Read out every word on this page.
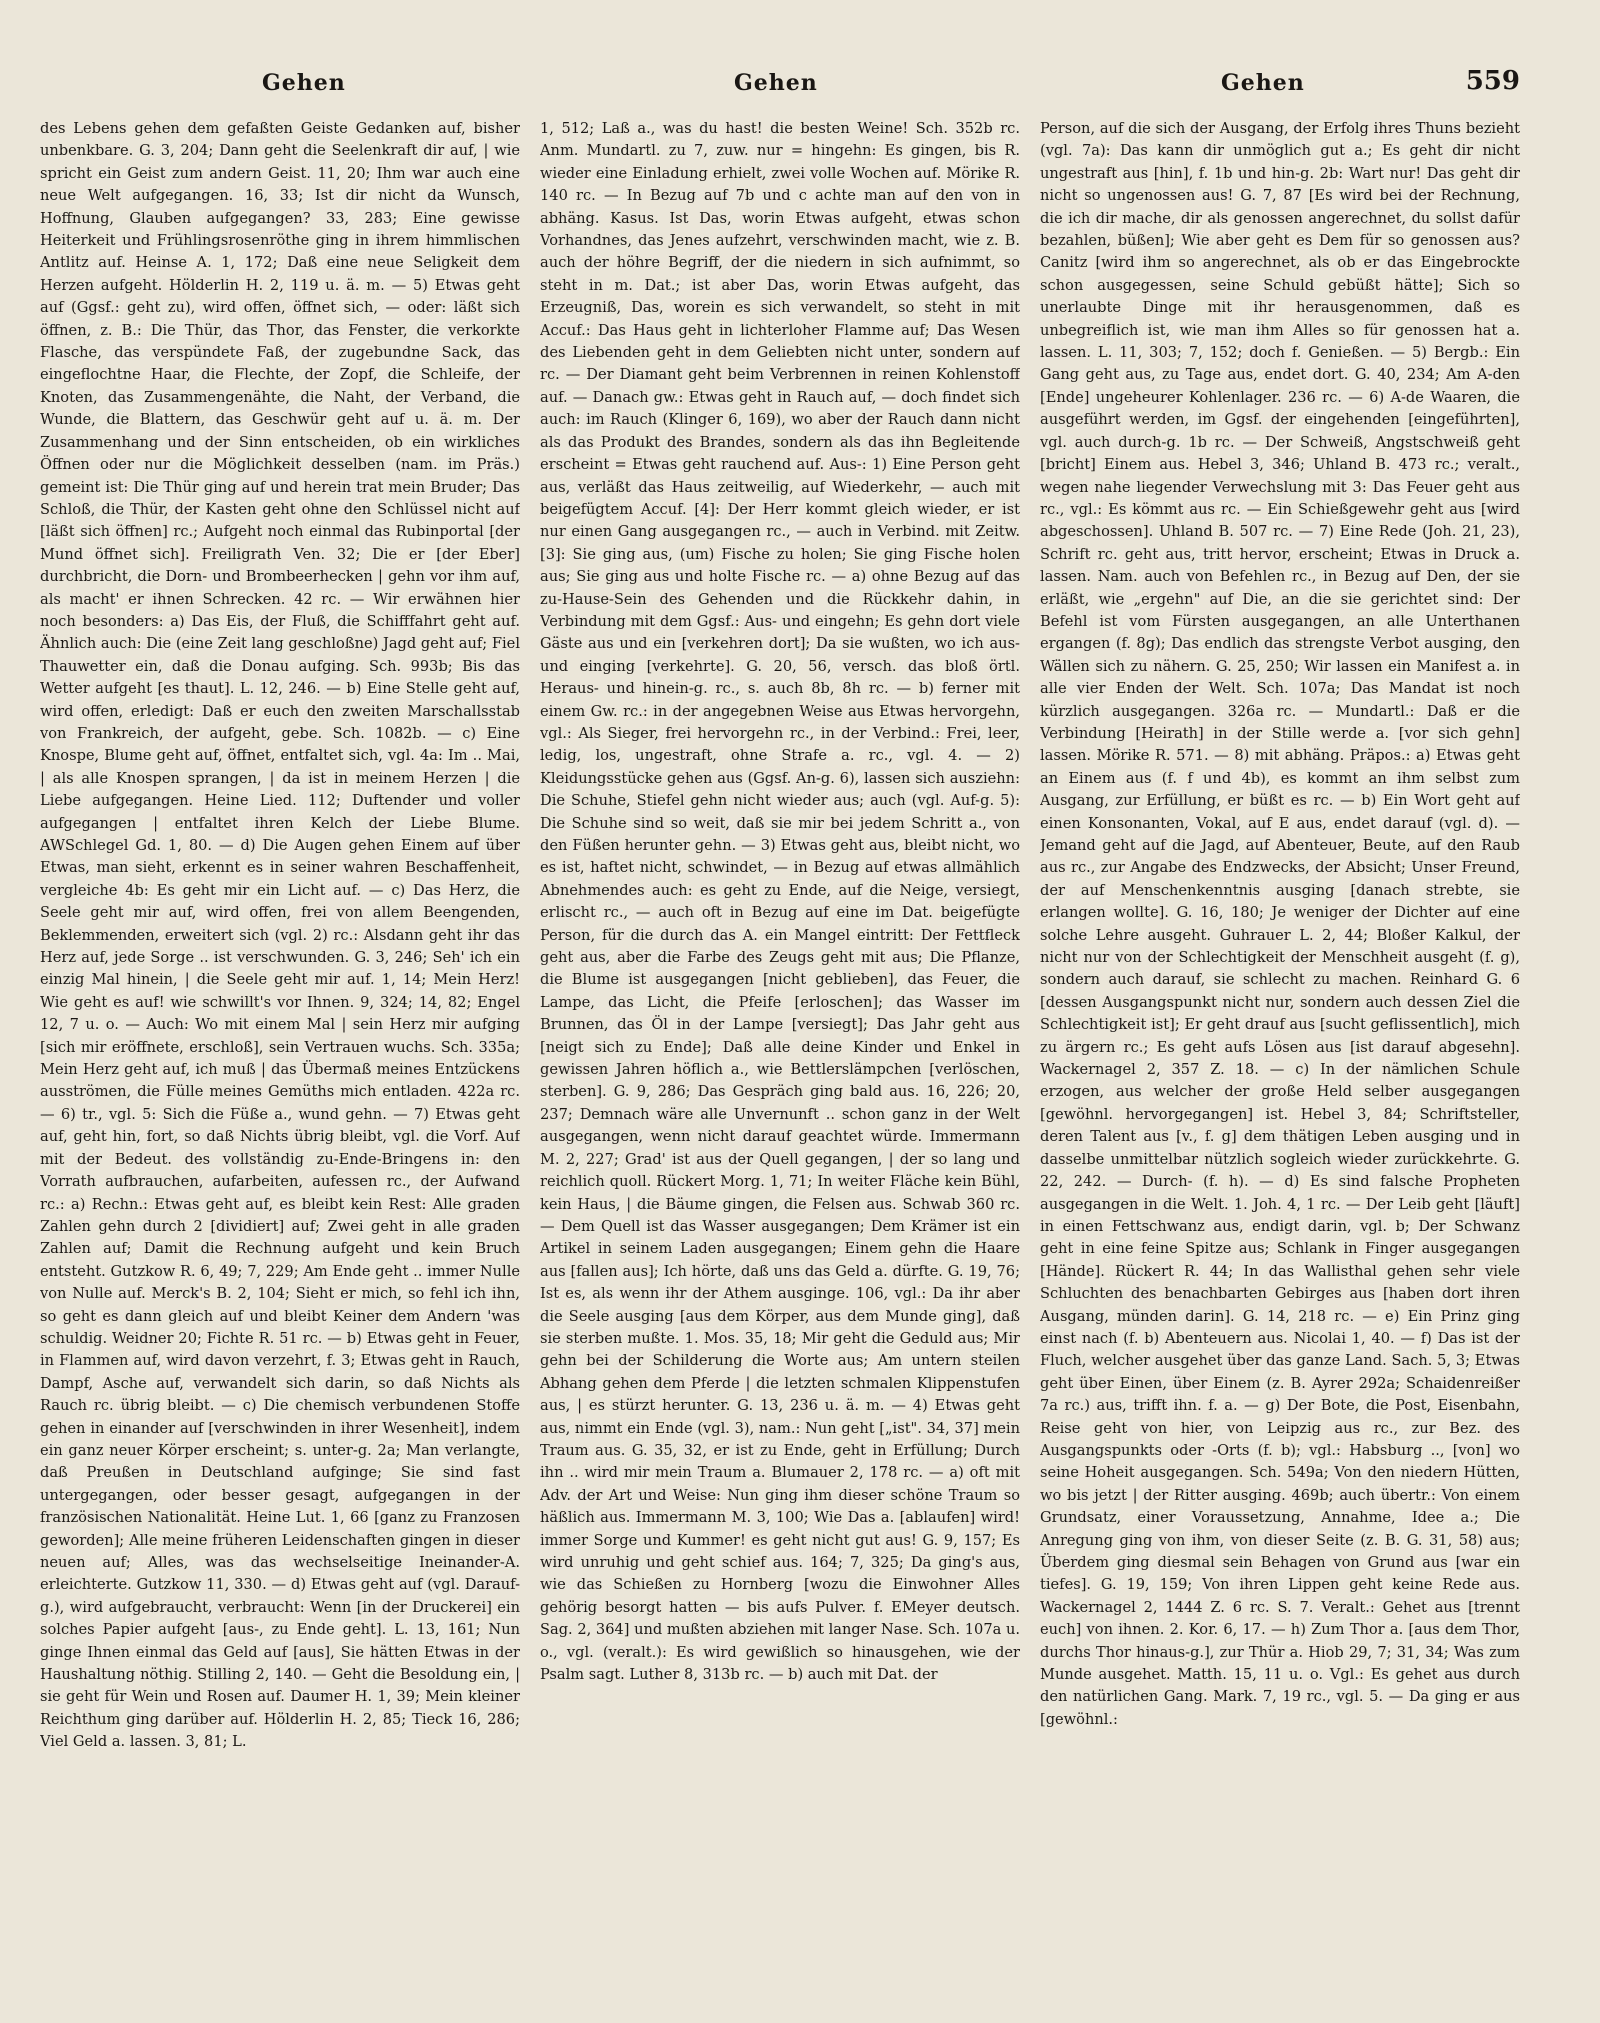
Gehen	Gehen	Gehen	559

des Lebens gehen dem gefaßten Geiste Gedanken auf, bisher unbenkbare. G. 3, 204; Dann geht die Seelenkraft dir auf, | wie spricht ein Geist zum andern Geist. 11, 20; Ihm war auch eine neue Welt aufgegangen. 16, 33; Ist dir nicht da Wunsch, Hoffnung, Glauben aufgegangen? 33, 283; Eine gewisse Heiterkeit und Frühlingsrosenröthe ging in ihrem himmlischen Antlitz auf. Heinse A. 1, 172; Daß eine neue Seligkeit dem Herzen aufgeht. Hölderlin H. 2, 119 u. ä. m. — 5) Etwas geht auf (Ggsf.: geht zu), wird offen, öffnet sich, — oder: läßt sich öffnen, z. B.: Die Thür, das Thor, das Fenster, die verkorkte Flasche, das verspündete Faß, der zugebundne Sack, das eingeflochtne Haar, die Flechte, der Zopf, die Schleife, der Knoten, das Zusammengenähte, die Naht, der Verband, die Wunde, die Blattern, das Geschwür geht auf u. ä. m. Der Zusammenhang und der Sinn entscheiden, ob ein wirkliches Öffnen oder nur die Möglichkeit desselben (nam. im Präs.) gemeint ist: Die Thür ging auf und herein trat mein Bruder; Das Schloß, die Thür, der Kasten geht ohne den Schlüssel nicht auf [läßt sich öffnen] rc.; Aufgeht noch einmal das Rubinportal [der Mund öffnet sich]. Freiligrath Ven. 32; Die er [der Eber] durchbricht, die Dorn- und Brombeerhecken | gehn vor ihm auf, als macht' er ihnen Schrecken. 42 rc. — Wir erwähnen hier noch besonders: a) Das Eis, der Fluß, die Schifffahrt geht auf. Ähnlich auch: Die (eine Zeit lang geschloßne) Jagd geht auf; Fiel Thauwetter ein, daß die Donau aufging. Sch. 993b; Bis das Wetter aufgeht [es thaut]. L. 12, 246. — b) Eine Stelle geht auf, wird offen, erledigt: Daß er euch den zweiten Marschallsstab von Frankreich, der aufgeht, gebe. Sch. 1082b. — c) Eine Knospe, Blume geht auf, öffnet, entfaltet sich, vgl. 4a: Im .. Mai, | als alle Knospen sprangen, | da ist in meinem Herzen | die Liebe aufgegangen. Heine Lied. 112; Duftender und voller aufgegangen | entfaltet ihren Kelch der Liebe Blume. AWSchlegel Gd. 1, 80. — d) Die Augen gehen Einem auf über Etwas, man sieht, erkennt es in seiner wahren Beschaffenheit, vergleiche 4b: Es geht mir ein Licht auf. — c) Das Herz, die Seele geht mir auf, wird offen, frei von allem Beengenden, Beklemmenden, erweitert sich (vgl. 2) rc.: Alsdann geht ihr das Herz auf, jede Sorge .. ist verschwunden. G. 3, 246; Seh' ich ein einzig Mal hinein, | die Seele geht mir auf. 1, 14; Mein Herz! Wie geht es auf! wie schwillt's vor Ihnen. 9, 324; 14, 82; Engel 12, 7 u. o. — Auch: Wo mit einem Mal | sein Herz mir aufging [sich mir eröffnete, erschloß], sein Vertrauen wuchs. Sch. 335a; Mein Herz geht auf, ich muß | das Übermaß meines Entzückens ausströmen, die Fülle meines Gemüths mich entladen. 422a rc. — 6) tr., vgl. 5: Sich die Füße a., wund gehn. — 7) Etwas geht auf, geht hin, fort, so daß Nichts übrig bleibt, vgl. die Vorf. Auf mit der Bedeut. des vollständig zu-Ende-Bringens in: den Vorrath aufbrauchen, aufarbeiten, aufessen rc., der Aufwand rc.: a) Rechn.: Etwas geht auf, es bleibt kein Rest: Alle graden Zahlen gehn durch 2 [dividiert] auf; Zwei geht in alle graden Zahlen auf; Damit die Rechnung aufgeht und kein Bruch entsteht. Gutzkow R. 6, 49; 7, 229; Am Ende geht .. immer Nulle von Nulle auf. Merck's B. 2, 104; Sieht er mich, so fehl ich ihn, so geht es dann gleich auf und bleibt Keiner dem Andern 'was schuldig. Weidner 20; Fichte R. 51 rc. — b) Etwas geht in Feuer, in Flammen auf, wird davon verzehrt, f. 3; Etwas geht in Rauch, Dampf, Asche auf, verwandelt sich darin, so daß Nichts als Rauch rc. übrig bleibt. — c) Die chemisch verbundenen Stoffe gehen in einander auf [verschwinden in ihrer Wesenheit], indem ein ganz neuer Körper erscheint; s. unter-g. 2a; Man verlangte, daß Preußen in Deutschland aufginge; Sie sind fast untergegangen, oder besser gesagt, aufgegangen in der französischen Nationalität. Heine Lut. 1, 66 [ganz zu Franzosen geworden]; Alle meine früheren Leidenschaften gingen in dieser neuen auf; Alles, was das wechselseitige Ineinander-A. erleichterte. Gutzkow 11, 330. — d) Etwas geht auf (vgl. Darauf-g.), wird aufgebraucht, verbraucht: Wenn [in der Druckerei] ein solches Papier aufgeht [aus-, zu Ende geht]. L. 13, 161; Nun ginge Ihnen einmal das Geld auf [aus], Sie hätten Etwas in der Haushaltung nöthig. Stilling 2, 140. — Geht die Besoldung ein, | sie geht für Wein und Rosen auf. Daumer H. 1, 39; Mein kleiner Reichthum ging darüber auf. Hölderlin H. 2, 85; Tieck 16, 286; Viel Geld a. lassen. 3, 81; L.

1, 512; Laß a., was du hast! die besten Weine! Sch. 352b rc. Anm. Mundartl. zu 7, zuw. nur = hingehn: Es gingen, bis R. wieder eine Einladung erhielt, zwei volle Wochen auf. Mörike R. 140 rc. — In Bezug auf 7b und c achte man auf den von in abhäng. Kasus. Ist Das, worin Etwas aufgeht, etwas schon Vorhandnes, das Jenes aufzehrt, verschwinden macht, wie z. B. auch der höhre Begriff, der die niedern in sich aufnimmt, so steht in m. Dat.; ist aber Das, worin Etwas aufgeht, das Erzeugniß, Das, worein es sich verwandelt, so steht in mit Accuf.: Das Haus geht in lichterloher Flamme auf; Das Wesen des Liebenden geht in dem Geliebten nicht unter, sondern auf rc. — Der Diamant geht beim Verbrennen in reinen Kohlenstoff auf. — Danach gw.: Etwas geht in Rauch auf, — doch findet sich auch: im Rauch (Klinger 6, 169), wo aber der Rauch dann nicht als das Produkt des Brandes, sondern als das ihn Begleitende erscheint = Etwas geht rauchend auf. Aus-: 1) Eine Person geht aus, verläßt das Haus zeitweilig, auf Wiederkehr, — auch mit beigefügtem Accuf. [4]: Der Herr kommt gleich wieder, er ist nur einen Gang ausgegangen rc., — auch in Verbind. mit Zeitw. [3]: Sie ging aus, (um) Fische zu holen; Sie ging Fische holen aus; Sie ging aus und holte Fische rc. — a) ohne Bezug auf das zu-Hause-Sein des Gehenden und die Rückkehr dahin, in Verbindung mit dem Ggsf.: Aus- und eingehn; Es gehn dort viele Gäste aus und ein [verkehren dort]; Da sie wußten, wo ich aus- und einging [verkehrte]. G. 20, 56, versch. das bloß örtl. Heraus- und hinein-g. rc., s. auch 8b, 8h rc. — b) ferner mit einem Gw. rc.: in der angegebnen Weise aus Etwas hervorgehn, vgl.: Als Sieger, frei hervorgehn rc., in der Verbind.: Frei, leer, ledig, los, ungestraft, ohne Strafe a. rc., vgl. 4. — 2) Kleidungsstücke gehen aus (Ggsf. An-g. 6), lassen sich ausziehn: Die Schuhe, Stiefel gehn nicht wieder aus; auch (vgl. Auf-g. 5): Die Schuhe sind so weit, daß sie mir bei jedem Schritt a., von den Füßen herunter gehn. — 3) Etwas geht aus, bleibt nicht, wo es ist, haftet nicht, schwindet, — in Bezug auf etwas allmählich Abnehmendes auch: es geht zu Ende, auf die Neige, versiegt, erlischt rc., — auch oft in Bezug auf eine im Dat. beigefügte Person, für die durch das A. ein Mangel eintritt: Der Fettfleck geht aus, aber die Farbe des Zeugs geht mit aus; Die Pflanze, die Blume ist ausgegangen [nicht geblieben], das Feuer, die Lampe, das Licht, die Pfeife [erloschen]; das Wasser im Brunnen, das Öl in der Lampe [versiegt]; Das Jahr geht aus [neigt sich zu Ende]; Daß alle deine Kinder und Enkel in gewissen Jahren höflich a., wie Bettlerslämpchen [verlöschen, sterben]. G. 9, 286; Das Gespräch ging bald aus. 16, 226; 20, 237; Demnach wäre alle Unvernunft .. schon ganz in der Welt ausgegangen, wenn nicht darauf geachtet würde. Immermann M. 2, 227; Grad' ist aus der Quell gegangen, | der so lang und reichlich quoll. Rückert Morg. 1, 71; In weiter Fläche kein Bühl, kein Haus, | die Bäume gingen, die Felsen aus. Schwab 360 rc. — Dem Quell ist das Wasser ausgegangen; Dem Krämer ist ein Artikel in seinem Laden ausgegangen; Einem gehn die Haare aus [fallen aus]; Ich hörte, daß uns das Geld a. dürfte. G. 19, 76; Ist es, als wenn ihr der Athem ausginge. 106, vgl.: Da ihr aber die Seele ausging [aus dem Körper, aus dem Munde ging], daß sie sterben mußte. 1. Mos. 35, 18; Mir geht die Geduld aus; Mir gehn bei der Schilderung die Worte aus; Am untern steilen Abhang gehen dem Pferde | die letzten schmalen Klippenstufen aus, | es stürzt herunter. G. 13, 236 u. ä. m. — 4) Etwas geht aus, nimmt ein Ende (vgl. 3), nam.: Nun geht [„ist". 34, 37] mein Traum aus. G. 35, 32, er ist zu Ende, geht in Erfüllung; Durch ihn .. wird mir mein Traum a. Blumauer 2, 178 rc. — a) oft mit Adv. der Art und Weise: Nun ging ihm dieser schöne Traum so häßlich aus. Immermann M. 3, 100; Wie Das a. [ablaufen] wird! immer Sorge und Kummer! es geht nicht gut aus! G. 9, 157; Es wird unruhig und geht schief aus. 164; 7, 325; Da ging's aus, wie das Schießen zu Hornberg [wozu die Einwohner Alles gehörig besorgt hatten — bis aufs Pulver. f. EMeyer deutsch. Sag. 2, 364] und mußten abziehen mit langer Nase. Sch. 107a u. o., vgl. (veralt.): Es wird gewißlich so hinausgehen, wie der Psalm sagt. Luther 8, 313b rc. — b) auch mit Dat. der

Person, auf die sich der Ausgang, der Erfolg ihres Thuns bezieht (vgl. 7a): Das kann dir unmöglich gut a.; Es geht dir nicht ungestraft aus [hin], f. 1b und hin-g. 2b: Wart nur! Das geht dir nicht so ungenossen aus! G. 7, 87 [Es wird bei der Rechnung, die ich dir mache, dir als genossen angerechnet, du sollst dafür bezahlen, büßen]; Wie aber geht es Dem für so genossen aus? Canitz [wird ihm so angerechnet, als ob er das Eingebrockte schon ausgegessen, seine Schuld gebüßt hätte]; Sich so unerlaubte Dinge mit ihr herausgenommen, daß es unbegreiflich ist, wie man ihm Alles so für genossen hat a. lassen. L. 11, 303; 7, 152; doch f. Genießen. — 5) Bergb.: Ein Gang geht aus, zu Tage aus, endet dort. G. 40, 234; Am A-den [Ende] ungeheurer Kohlenlager. 236 rc. — 6) A-de Waaren, die ausgeführt werden, im Ggsf. der eingehenden [eingeführten], vgl. auch durch-g. 1b rc. — Der Schweiß, Angstschweiß geht [bricht] Einem aus. Hebel 3, 346; Uhland B. 473 rc.; veralt., wegen nahe liegender Verwechslung mit 3: Das Feuer geht aus rc., vgl.: Es kömmt aus rc. — Ein Schießgewehr geht aus [wird abgeschossen]. Uhland B. 507 rc. — 7) Eine Rede (Joh. 21, 23), Schrift rc. geht aus, tritt hervor, erscheint; Etwas in Druck a. lassen. Nam. auch von Befehlen rc., in Bezug auf Den, der sie erläßt, wie „ergehn" auf Die, an die sie gerichtet sind: Der Befehl ist vom Fürsten ausgegangen, an alle Unterthanen ergangen (f. 8g); Das endlich das strengste Verbot ausging, den Wällen sich zu nähern. G. 25, 250; Wir lassen ein Manifest a. in alle vier Enden der Welt. Sch. 107a; Das Mandat ist noch kürzlich ausgegangen. 326a rc. — Mundartl.: Daß er die Verbindung [Heirath] in der Stille werde a. [vor sich gehn] lassen. Mörike R. 571. — 8) mit abhäng. Präpos.: a) Etwas geht an Einem aus (f. f und 4b), es kommt an ihm selbst zum Ausgang, zur Erfüllung, er büßt es rc. — b) Ein Wort geht auf einen Konsonanten, Vokal, auf E aus, endet darauf (vgl. d). — Jemand geht auf die Jagd, auf Abenteuer, Beute, auf den Raub aus rc., zur Angabe des Endzwecks, der Absicht; Unser Freund, der auf Menschenkenntnis ausging [danach strebte, sie erlangen wollte]. G. 16, 180; Je weniger der Dichter auf eine solche Lehre ausgeht. Guhrauer L. 2, 44; Bloßer Kalkul, der nicht nur von der Schlechtigkeit der Menschheit ausgeht (f. g), sondern auch darauf, sie schlecht zu machen. Reinhard G. 6 [dessen Ausgangspunkt nicht nur, sondern auch dessen Ziel die Schlechtigkeit ist]; Er geht drauf aus [sucht geflissentlich], mich zu ärgern rc.; Es geht aufs Lösen aus [ist darauf abgesehn]. Wackernagel 2, 357 Z. 18. — c) In der nämlichen Schule erzogen, aus welcher der große Held selber ausgegangen [gewöhnl. hervorgegangen] ist. Hebel 3, 84; Schriftsteller, deren Talent aus [v., f. g] dem thätigen Leben ausging und in dasselbe unmittelbar nützlich sogleich wieder zurückkehrte. G. 22, 242. — Durch- (f. h). — d) Es sind falsche Propheten ausgegangen in die Welt. 1. Joh. 4, 1 rc. — Der Leib geht [läuft] in einen Fettschwanz aus, endigt darin, vgl. b; Der Schwanz geht in eine feine Spitze aus; Schlank in Finger ausgegangen [Hände]. Rückert R. 44; In das Wallisthal gehen sehr viele Schluchten des benachbarten Gebirges aus [haben dort ihren Ausgang, münden darin]. G. 14, 218 rc. — e) Ein Prinz ging einst nach (f. b) Abenteuern aus. Nicolai 1, 40. — f) Das ist der Fluch, welcher ausgehet über das ganze Land. Sach. 5, 3; Etwas geht über Einen, über Einem (z. B. Ayrer 292a; Schaidenreißer 7a rc.) aus, trifft ihn. f. a. — g) Der Bote, die Post, Eisenbahn, Reise geht von hier, von Leipzig aus rc., zur Bez. des Ausgangspunkts oder -Orts (f. b); vgl.: Habsburg .., [von] wo seine Hoheit ausgegangen. Sch. 549a; Von den niedern Hütten, wo bis jetzt | der Ritter ausging. 469b; auch übertr.: Von einem Grundsatz, einer Voraussetzung, Annahme, Idee a.; Die Anregung ging von ihm, von dieser Seite (z. B. G. 31, 58) aus; Überdem ging diesmal sein Behagen von Grund aus [war ein tiefes]. G. 19, 159; Von ihren Lippen geht keine Rede aus. Wackernagel 2, 1444 Z. 6 rc. S. 7. Veralt.: Gehet aus [trennt euch] von ihnen. 2. Kor. 6, 17. — h) Zum Thor a. [aus dem Thor, durchs Thor hinaus-g.], zur Thür a. Hiob 29, 7; 31, 34; Was zum Munde ausgehet. Matth. 15, 11 u. o. Vgl.: Es gehet aus durch den natürlichen Gang. Mark. 7, 19 rc., vgl. 5. — Da ging er aus [gewöhnl.:
